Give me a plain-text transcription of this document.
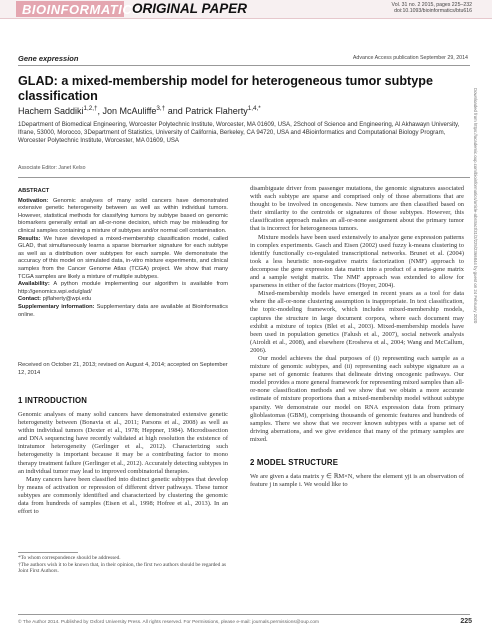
BIOINFORMATICS
ORIGINAL PAPER	Vol. 31 no. 2 2015, pages 225–232
doi:10.1093/bioinformatics/btu616
Gene expression	Advance Access publication September 29, 2014
GLAD: a mixed-membership model for heterogeneous tumor subtype classification
Hachem Saddiki$^{1,2,\dagger}$, Jon McAuliffe$^{3,\dagger}$ and Patrick Flaherty$^{1,4,*}$
1Department of Biomedical Engineering, Worcester Polytechnic Institute, Worcester, MA 01609, USA, 2School of Science and Engineering, Al Akhawayn University, Ifrane, 53000, Morocco, 3Department of Statistics, University of California, Berkeley, CA 94720, USA and 4Bioinformatics and Computational Biology Program, Worcester Polytechnic Institute, Worcester, MA 01609, USA
Associate Editor: Janet Kelso
ABSTRACT
Motivation: Genomic analyses of many solid cancers have demonstrated extensive genetic heterogeneity between as well as within individual tumors. However, statistical methods for classifying tumors by subtype based on genomic biomarkers generally entail an all-or-none decision, which may be misleading for clinical samples containing a mixture of subtypes and/or normal cell contamination.
Results: We have developed a mixed-membership classification model, called GLAD, that simultaneously learns a sparse biomarker signature for each subtype as well as a distribution over subtypes for each sample. We demonstrate the accuracy of this model on simulated data, in-vitro mixture experiments, and clinical samples from the Cancer Genome Atlas (TCGA) project. We show that many TCGA samples are likely a mixture of multiple subtypes.
Availability: A python module implementing our algorithm is available from http://genomics.wpi.edu/glad/
Contact: pjflaherty@wpi.edu
Supplementary information: Supplementary data are available at Bioinformatics online.
Received on October 21, 2013; revised on August 4, 2014; accepted on September 12, 2014
1 INTRODUCTION
Genomic analyses of many solid cancers have demonstrated extensive genetic heterogeneity between (Bonavia et al., 2011; Parsons et al., 2008) as well as within individual tumors (Dexter et al., 1978; Heppner, 1984). Microdissection and DNA sequencing have recently validated at high resolution the existence of intratumor heterogeneity (Gerlinger et al., 2012). Characterizing such heterogeneity is important because it may be a contributing factor to mono therapy treatment failure (Gerlinger et al., 2012). Accurately detecting subtypes in an individual tumor may lead to improved combinatorial therapies.
Many cancers have been classified into distinct genetic subtypes that develop by means of activation or repression of different driver pathways. These tumor subtypes are commonly identified and characterized by clustering the genomic data from hundreds of samples (Eisen et al., 1998; Hofree et al., 2013). In an effort to
*To whom correspondence should be addressed.
†The authors wish it to be known that, in their opinion, the first two authors should be regarded as Joint First Authors.
disambiguate driver from passenger mutations, the genomic signatures associated with each subtype are sparse and comprised only of those aberrations that are thought to be involved in oncogenesis. New tumors are then classified based on their similarity to the centroids or signatures of those subtypes. However, this classification approach makes an all-or-none assignment about the primary tumor that is incorrect for heterogeneous tumors.
Mixture models have been used extensively to analyze gene expression patterns in complex experiments. Gasch and Eisen (2002) used fuzzy k-means clustering to identify functionally co-regulated transcriptional networks. Brunet et al. (2004) took a less heuristic non-negative matrix factorization (NMF) approach to decompose the gene expression data matrix into a product of a meta-gene matrix and a sample weight matrix. The NMF approach was extended to allow for sparseness in either of the factor matrices (Hoyer, 2004).
Mixed-membership models have emerged in recent years as a tool for data where the all-or-none clustering assumption is inappropriate. In text classification, the topic-modeling framework, which includes mixed-membership models, captures the structure in large document corpora, where each document may exhibit a mixture of topics (Blei et al., 2003). Mixed-membership models have been used in population genetics (Falush et al., 2007), social network analysis (Airoldi et al., 2008), and elsewhere (Erosheva et al., 2004; Wang and McCallum, 2006).
Our model achieves the dual purposes of (i) representing each sample as a mixture of genomic subtypes, and (ii) representing each subtype signature as a sparse set of genomic features that delineate driving oncogenic pathways. Our model provides a more general framework for representing mixed samples than all-or-none classification methods and we show that we obtain a more accurate estimate of mixture proportions than a mixed-membership model without subtype sparsity. We demonstrate our model on RNA expression data from primary glioblastomas (GBM), comprising thousands of genomic features and hundreds of samples. There we show that we recover known subtypes with a sparse set of driving aberrations, and we give evidence that many of the primary samples are mixed.
2 MODEL STRUCTURE
We are given a data matrix y ∈ ℝM×N, where the element yji is an observation of feature j in sample i. We would like to
© The Author 2014. Published by Oxford University Press. All rights reserved. For Permissions, please e-mail: journals.permissions@oup.com	225
Downloaded from https://academic.oup.com/bioinformatics/article-abstract/31/2/225/2366844 by guest on 24 February 2020
